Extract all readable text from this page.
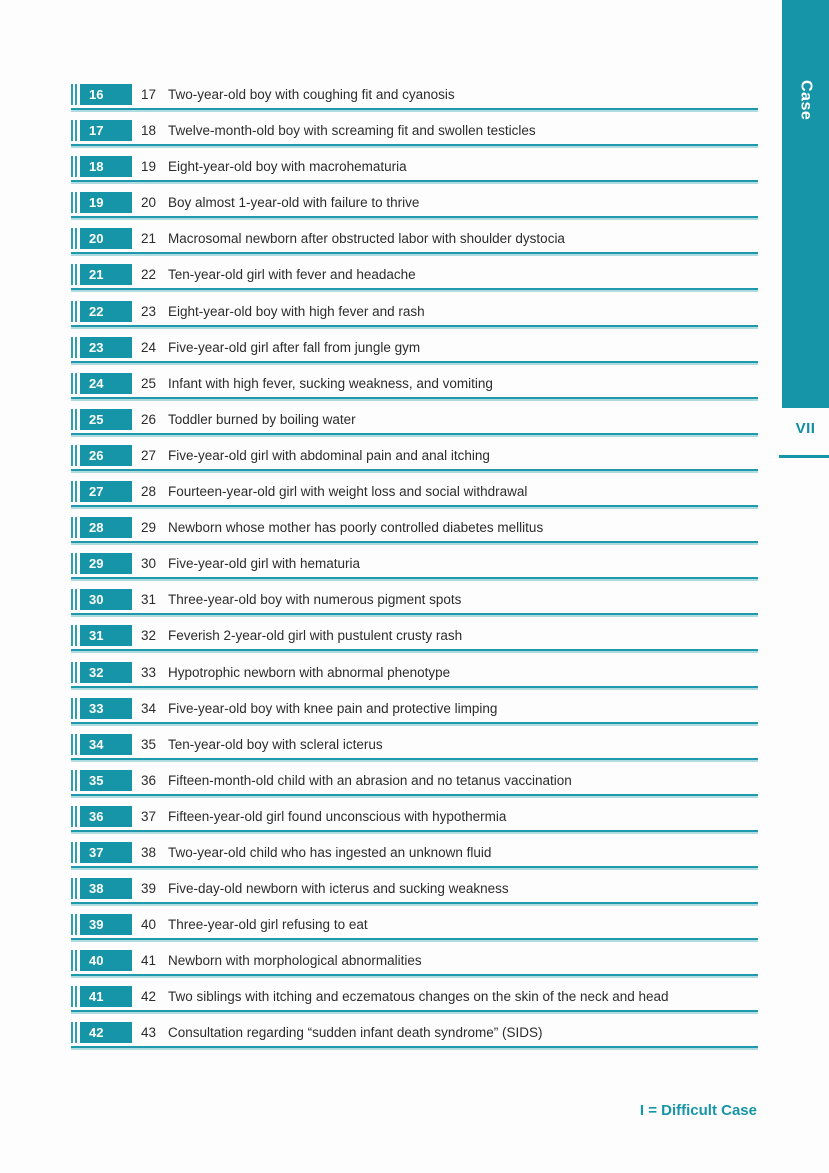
Case
VII
16	17 Two-year-old boy with coughing fit and cyanosis
17	18 Twelve-month-old boy with screaming fit and swollen testicles
18	19 Eight-year-old boy with macrohematuria
19	20 Boy almost 1-year-old with failure to thrive
20	21 Macrosomal newborn after obstructed labor with shoulder dystocia
21	22 Ten-year-old girl with fever and headache
22	23 Eight-year-old boy with high fever and rash
23	24 Five-year-old girl after fall from jungle gym
24	25 Infant with high fever, sucking weakness, and vomiting
25	26 Toddler burned by boiling water
26	27 Five-year-old girl with abdominal pain and anal itching
27	28 Fourteen-year-old girl with weight loss and social withdrawal
28	29 Newborn whose mother has poorly controlled diabetes mellitus
29	30 Five-year-old girl with hematuria
30	31 Three-year-old boy with numerous pigment spots
31	32 Feverish 2-year-old girl with pustulent crusty rash
32	33 Hypotrophic newborn with abnormal phenotype
33	34 Five-year-old boy with knee pain and protective limping
34	35 Ten-year-old boy with scleral icterus
35	36 Fifteen-month-old child with an abrasion and no tetanus vaccination
36	37 Fifteen-year-old girl found unconscious with hypothermia
37	38 Two-year-old child who has ingested an unknown fluid
38	39 Five-day-old newborn with icterus and sucking weakness
39	40 Three-year-old girl refusing to eat
40	41 Newborn with morphological abnormalities
41	42 Two siblings with itching and eczematous changes on the skin of the neck and head
42	43 Consultation regarding “sudden infant death syndrome” (SIDS)
I = Difficult Case
